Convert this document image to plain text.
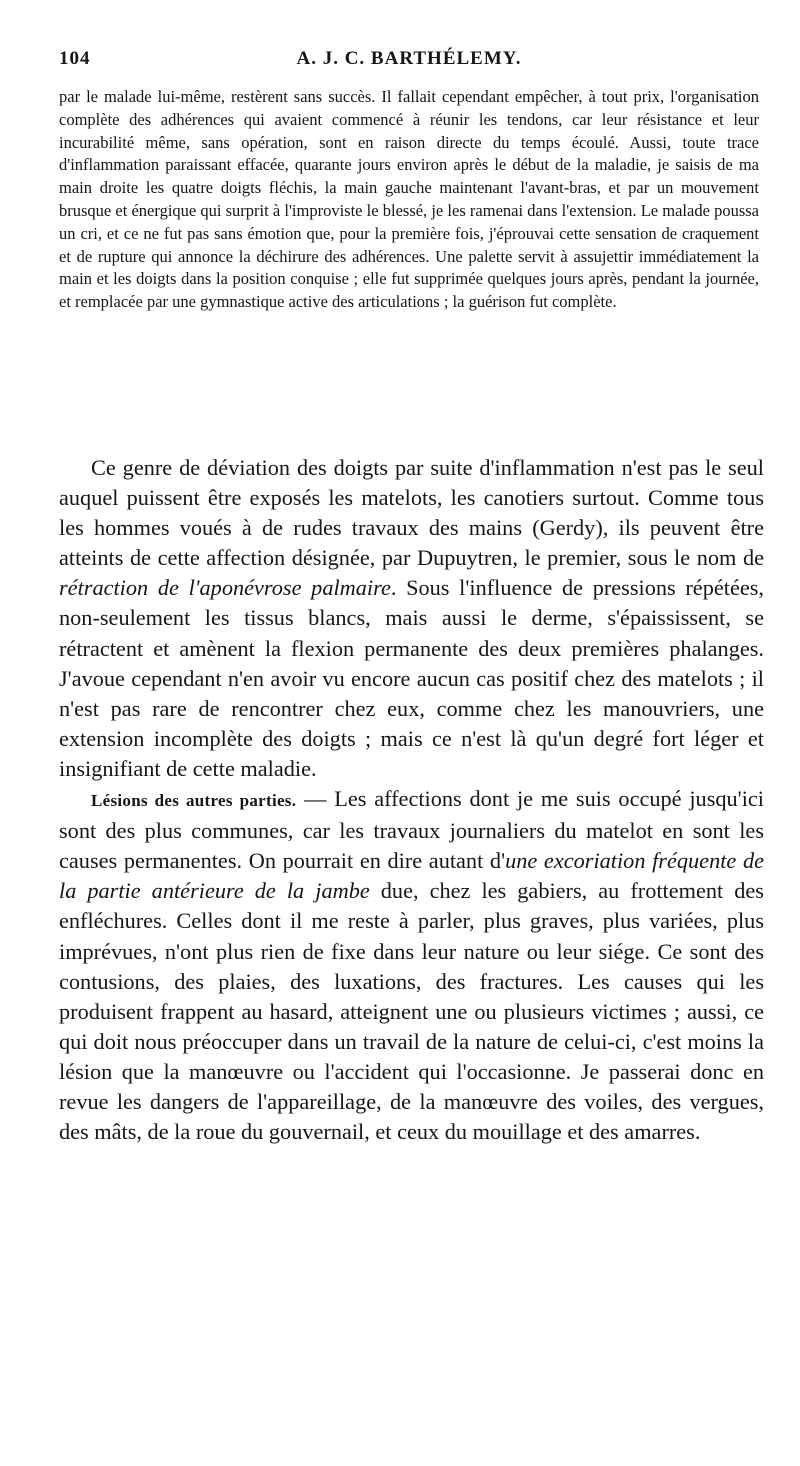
104	A. J. C. BARTHÉLEMY.

par le malade lui-même, restèrent sans succès. Il fallait cependant empêcher, à tout prix, l'organisation complète des adhérences qui avaient commencé à réunir les tendons, car leur résistance et leur incurabilité même, sans opération, sont en raison directe du temps écoulé. Aussi, toute trace d'inflammation paraissant effacée, quarante jours environ après le début de la maladie, je saisis de ma main droite les quatre doigts fléchis, la main gauche maintenant l'avant-bras, et par un mouvement brusque et énergique qui surprit à l'improviste le blessé, je les ramenai dans l'extension. Le malade poussa un cri, et ce ne fut pas sans émotion que, pour la première fois, j'éprouvai cette sensation de craquement et de rupture qui annonce la déchirure des adhérences. Une palette servit à assujettir immédiatement la main et les doigts dans la position conquise ; elle fut supprimée quelques jours après, pendant la journée, et remplacée par une gymnastique active des articulations ; la guérison fut complète.

Ce genre de déviation des doigts par suite d'inflammation n'est pas le seul auquel puissent être exposés les matelots, les canotiers surtout. Comme tous les hommes voués à de rudes travaux des mains (Gerdy), ils peuvent être atteints de cette affection désignée, par Dupuytren, le premier, sous le nom de rétraction de l'aponévrose palmaire. Sous l'influence de pressions répétées, non-seulement les tissus blancs, mais aussi le derme, s'épaississent, se rétractent et amènent la flexion permanente des deux premières phalanges. J'avoue cependant n'en avoir vu encore aucun cas positif chez des matelots ; il n'est pas rare de rencontrer chez eux, comme chez les manouvriers, une extension incomplète des doigts ; mais ce n'est là qu'un degré fort léger et insignifiant de cette maladie.

Lésions des autres parties. — Les affections dont je me suis occupé jusqu'ici sont des plus communes, car les travaux journaliers du matelot en sont les causes permanentes. On pourrait en dire autant d'une excoriation fréquente de la partie antérieure de la jambe due, chez les gabiers, au frottement des enfléchures. Celles dont il me reste à parler, plus graves, plus variées, plus imprévues, n'ont plus rien de fixe dans leur nature ou leur siége. Ce sont des contusions, des plaies, des luxations, des fractures. Les causes qui les produisent frappent au hasard, atteignent une ou plusieurs victimes ; aussi, ce qui doit nous préoccuper dans un travail de la nature de celui-ci, c'est moins la lésion que la manœuvre ou l'accident qui l'occasionne. Je passerai donc en revue les dangers de l'appareillage, de la manœuvre des voiles, des vergues, des mâts, de la roue du gouvernail, et ceux du mouillage et des amarres.
